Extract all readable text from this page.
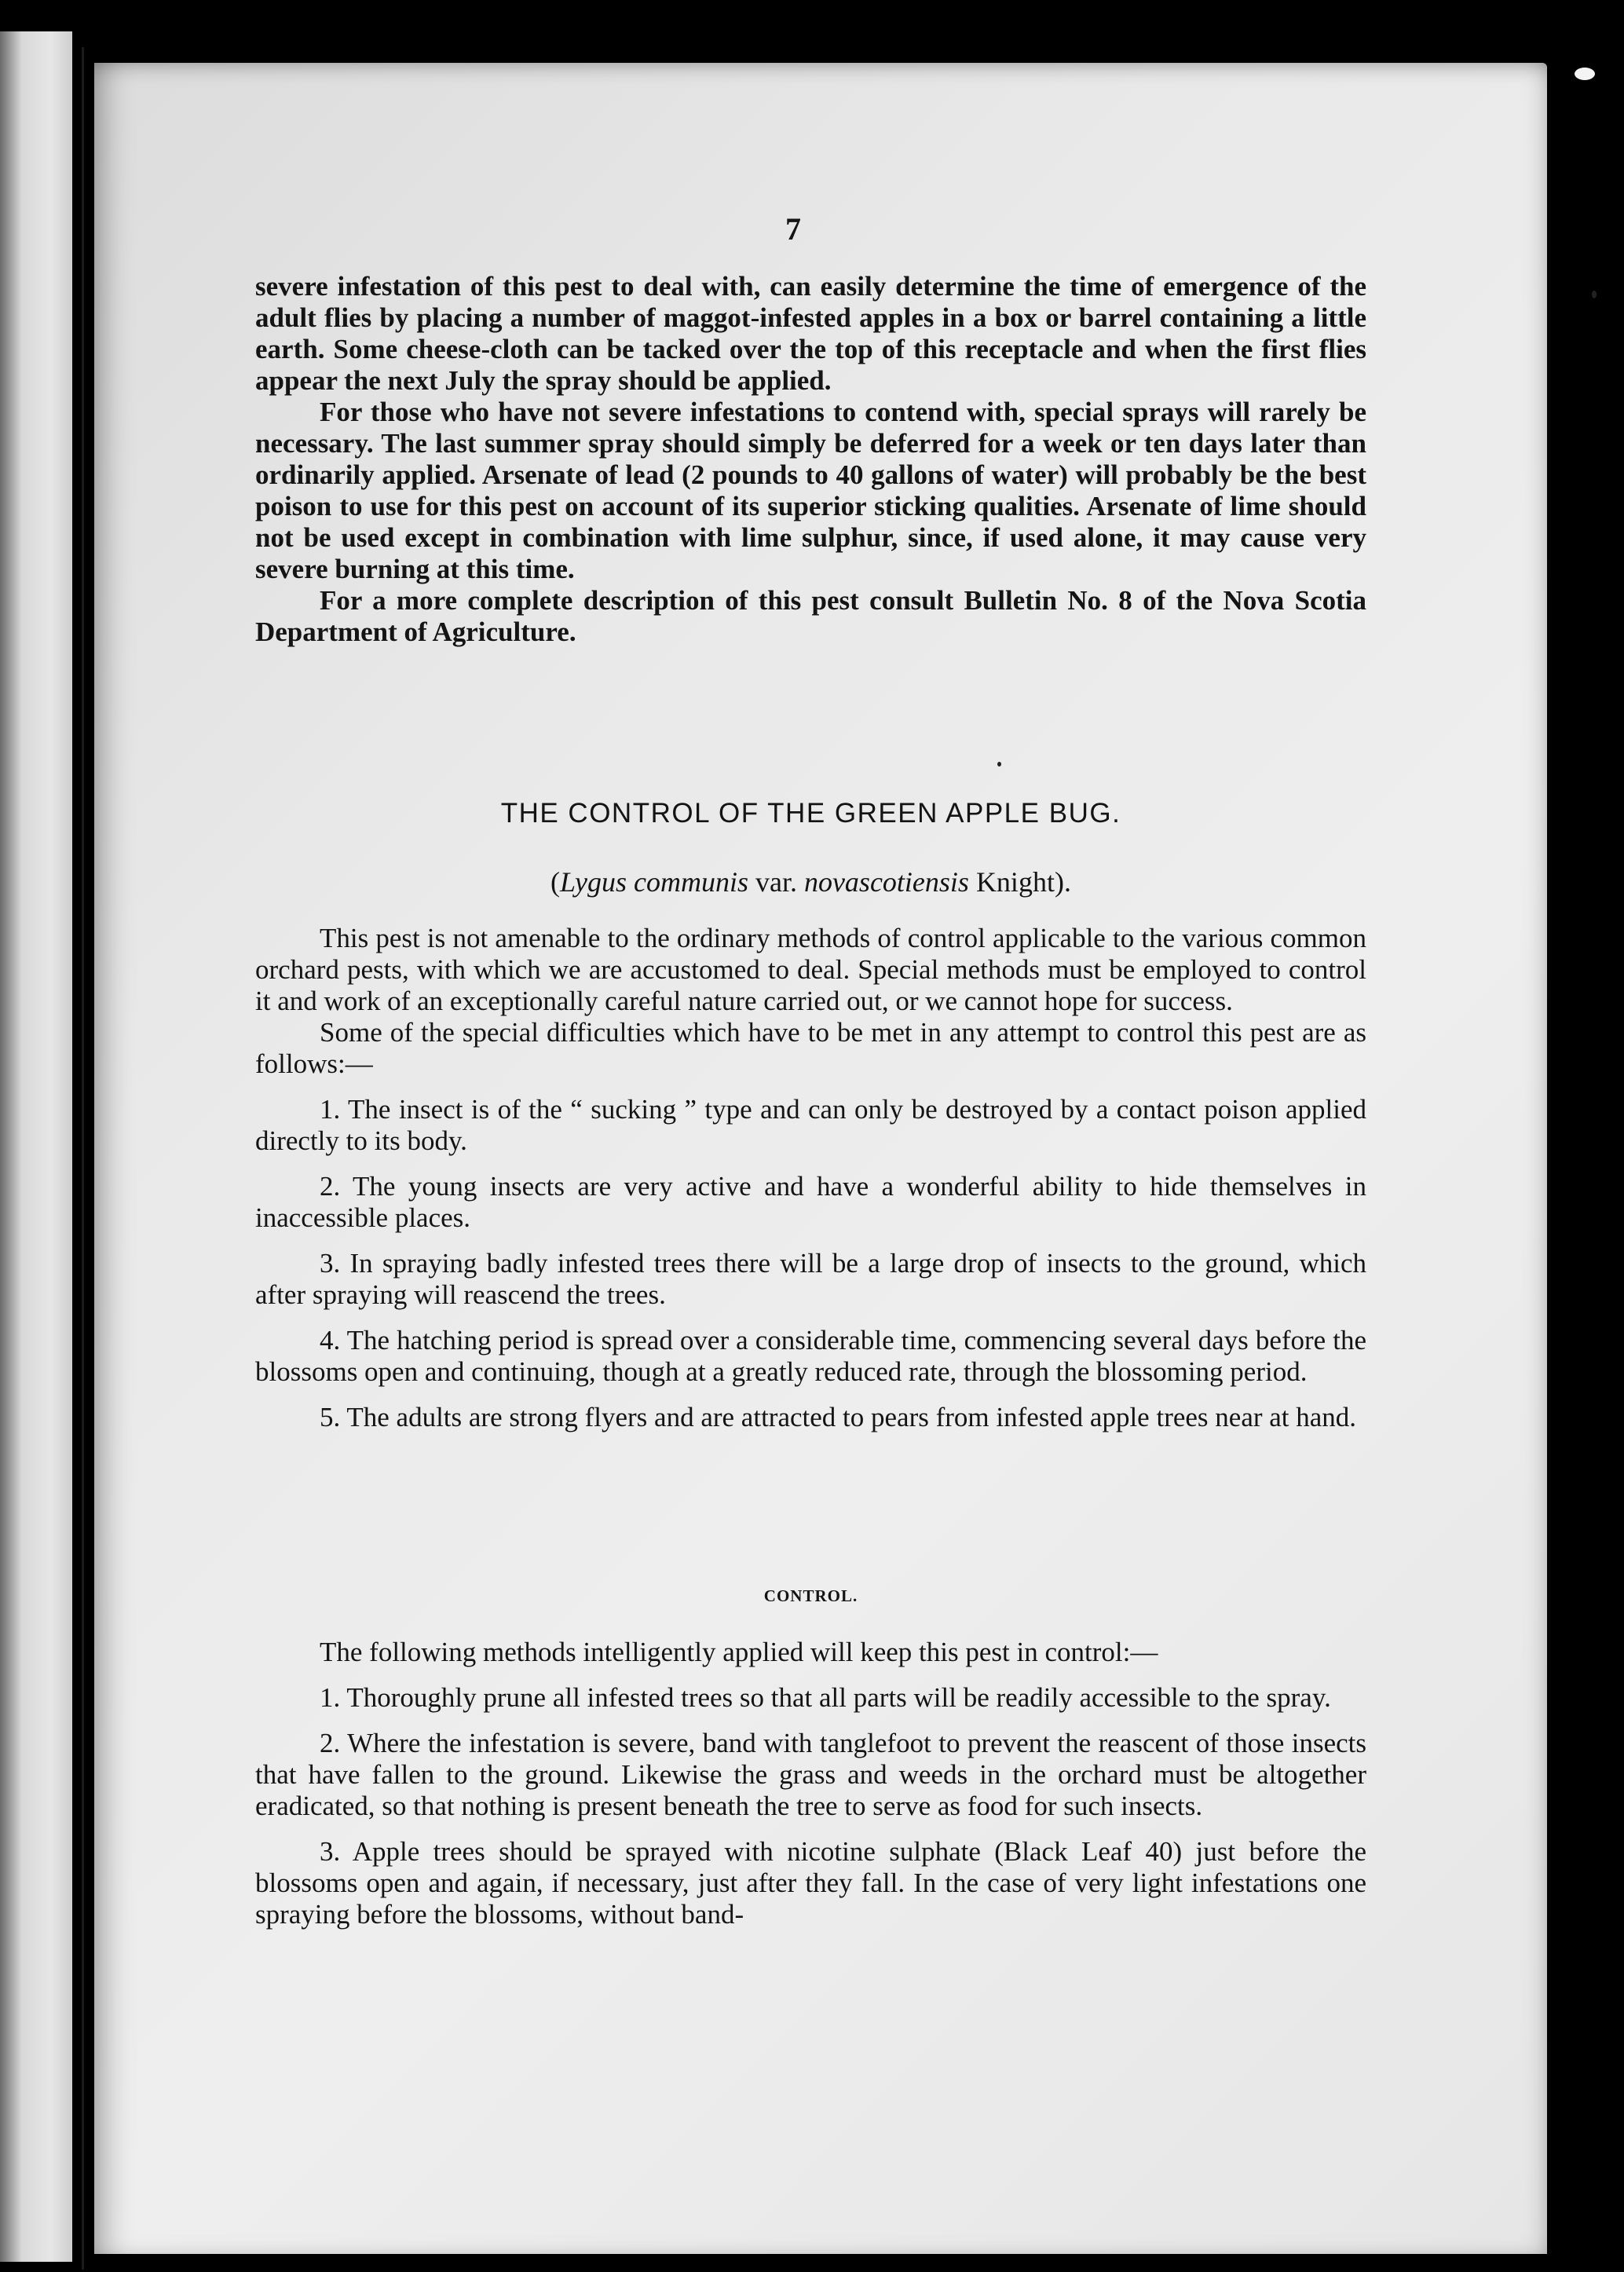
7

severe infestation of this pest to deal with, can easily determine the time of emergence of the adult flies by placing a number of maggot-infested apples in a box or barrel containing a little earth. Some cheese-cloth can be tacked over the top of this receptacle and when the first flies appear the next July the spray should be applied.

For those who have not severe infestations to contend with, special sprays will rarely be necessary. The last summer spray should simply be deferred for a week or ten days later than ordinarily applied. Arsenate of lead (2 pounds to 40 gallons of water) will probably be the best poison to use for this pest on account of its superior sticking qualities. Arsenate of lime should not be used except in combination with lime sulphur, since, if used alone, it may cause very severe burning at this time.

For a more complete description of this pest consult Bulletin No. 8 of the Nova Scotia Department of Agriculture.

THE CONTROL OF THE GREEN APPLE BUG.
(Lygus communis var. novascotiensis Knight).

This pest is not amenable to the ordinary methods of control applicable to the various common orchard pests, with which we are accustomed to deal. Special methods must be employed to control it and work of an exceptionally careful nature carried out, or we cannot hope for success.

Some of the special difficulties which have to be met in any attempt to control this pest are as follows:—

1. The insect is of the “ sucking ” type and can only be destroyed by a contact poison applied directly to its body.

2. The young insects are very active and have a wonderful ability to hide themselves in inaccessible places.

3. In spraying badly infested trees there will be a large drop of insects to the ground, which after spraying will reascend the trees.

4. The hatching period is spread over a considerable time, commencing several days before the blossoms open and continuing, though at a greatly reduced rate, through the blossoming period.

5. The adults are strong flyers and are attracted to pears from infested apple trees near at hand.

CONTROL.

The following methods intelligently applied will keep this pest in control:—

1. Thoroughly prune all infested trees so that all parts will be readily accessible to the spray.

2. Where the infestation is severe, band with tanglefoot to prevent the reascent of those insects that have fallen to the ground. Likewise the grass and weeds in the orchard must be altogether eradicated, so that nothing is present beneath the tree to serve as food for such insects.

3. Apple trees should be sprayed with nicotine sulphate (Black Leaf 40) just before the blossoms open and again, if necessary, just after they fall. In the case of very light infestations one spraying before the blossoms, without band-
